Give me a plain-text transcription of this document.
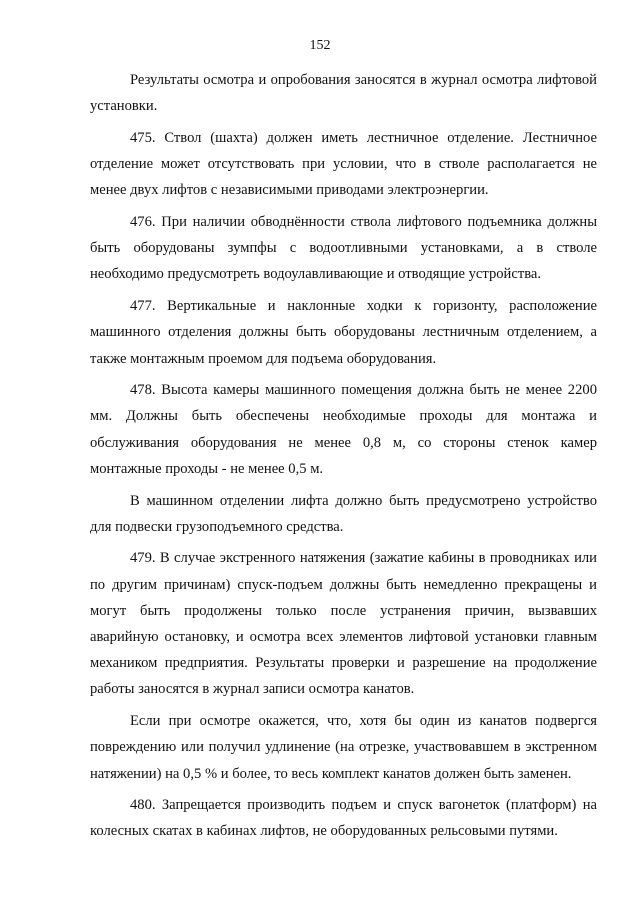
152

Результаты осмотра и опробования заносятся в журнал осмотра лифтовой установки.

475. Ствол (шахта) должен иметь лестничное отделение. Лестничное отделение может отсутствовать при условии, что в стволе располагается не менее двух лифтов с независимыми приводами электроэнергии.

476. При наличии обводнённости ствола лифтового подъемника должны быть оборудованы зумпфы с водоотливными установками, а в стволе необходимо предусмотреть водоулавливающие и отводящие устройства.

477. Вертикальные и наклонные ходки к горизонту, расположение машинного отделения должны быть оборудованы лестничным отделением, а также монтажным проемом для подъема оборудования.

478. Высота камеры машинного помещения должна быть не менее 2200 мм. Должны быть обеспечены необходимые проходы для монтажа и обслуживания оборудования не менее 0,8 м, со стороны стенок камер монтажные проходы - не менее 0,5 м.

В машинном отделении лифта должно быть предусмотрено устройство для подвески грузоподъемного средства.

479. В случае экстренного натяжения (зажатие кабины в проводниках или по другим причинам) спуск-подъем должны быть немедленно прекращены и могут быть продолжены только после устранения причин, вызвавших аварийную остановку, и осмотра всех элементов лифтовой установки главным механиком предприятия. Результаты проверки и разрешение на продолжение работы заносятся в журнал записи осмотра канатов.

Если при осмотре окажется, что, хотя бы один из канатов подвергся повреждению или получил удлинение (на отрезке, участвовавшем в экстренном натяжении) на 0,5 % и более, то весь комплект канатов должен быть заменен.

480. Запрещается производить подъем и спуск вагонеток (платформ) на колесных скатах в кабинах лифтов, не оборудованных рельсовыми путями.
